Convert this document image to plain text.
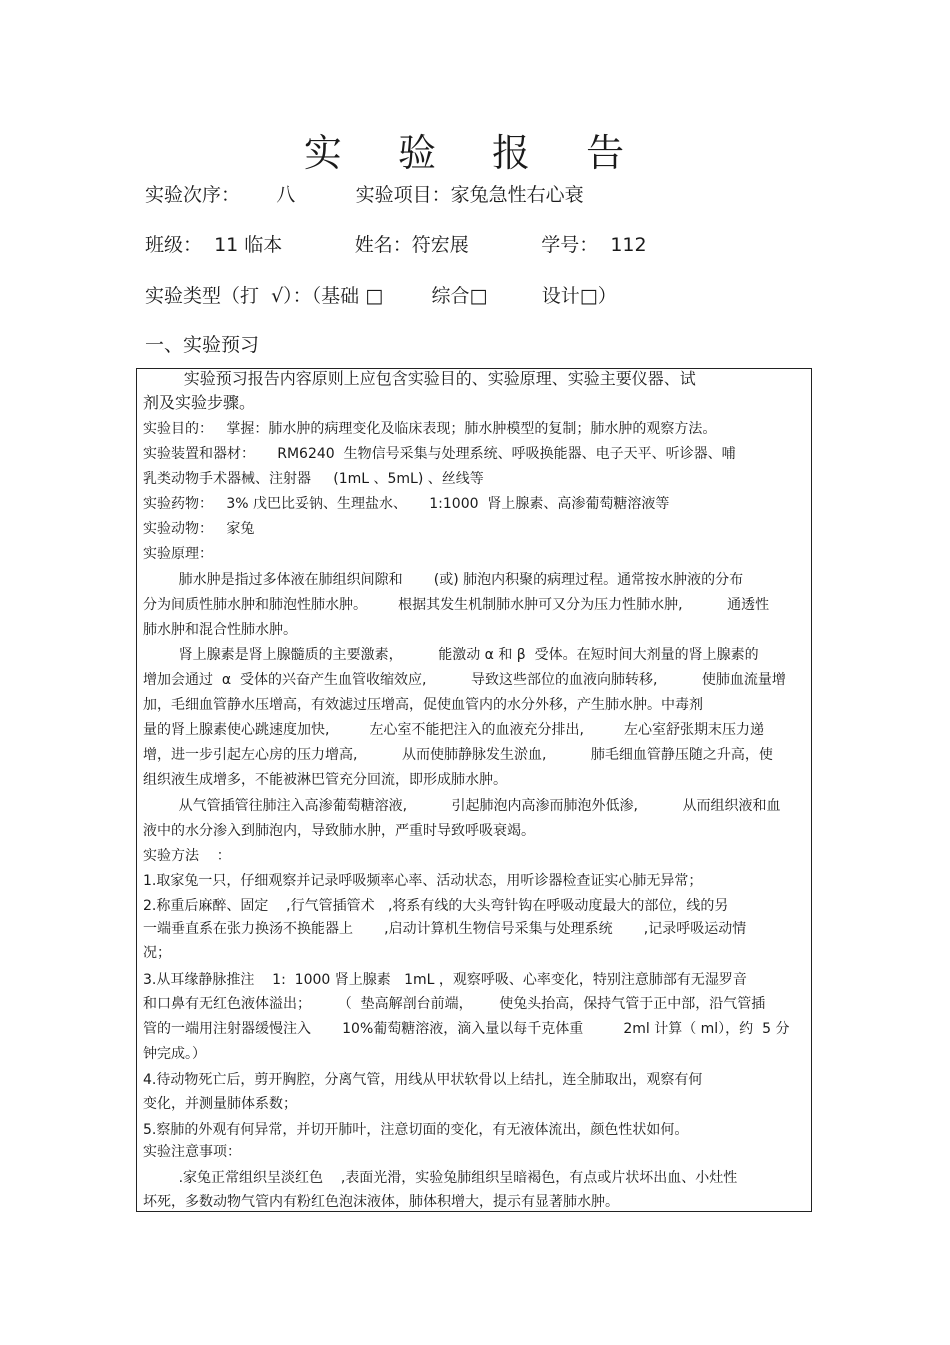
实 验 报 告
实验次序：      八          实验项目：家兔急性右心衰
班级：  11 临本            姓名：符宏展            学号：  112
实验类型（打  √）：（基础 □        综合□         设计□）
一、实验预习
实验预习报告内容原则上应包含实验目的、实验原理、实验主要仪器、试
剂及实验步骤。
实验目的：   掌握：肺水肿的病理变化及临床表现；肺水肿模型的复制；肺水肿的观察方法。
实验装置和器材：     RM6240  生物信号采集与处理系统、呼吸换能器、电子天平、听诊器、哺
乳类动物手术器械、注射器     (1mL 、5mL) 、丝线等
实验药物：   3% 戊巴比妥钠、生理盐水、     1:1000  肾上腺素、高渗葡萄糖溶液等
实验动物：   家兔
实验原理：
肺水肿是指过多体液在肺组织间隙和       (或) 肺泡内积聚的病理过程。通常按水肿液的分布
分为间质性肺水肿和肺泡性肺水肿。       根据其发生机制肺水肿可又分为压力性肺水肿,          通透性
肺水肿和混合性肺水肿。
肾上腺素是肾上腺髓质的主要激素，        能激动 α 和 β  受体。在短时间大剂量的肾上腺素的
增加会通过  α  受体的兴奋产生血管收缩效应,          导致这些部位的血液向肺转移,          使肺血流量增
加，毛细血管静水压增高，有效滤过压增高，促使血管内的水分外移，产生肺水肿。中毒剂
量的肾上腺素使心跳速度加快,         左心室不能把注入的血液充分排出,         左心室舒张期末压力递
增，进一步引起左心房的压力增高,          从而使肺静脉发生淤血,          肺毛细血管静压随之升高，使
组织液生成增多，不能被淋巴管充分回流，即形成肺水肿。
从气管插管往肺注入高渗葡萄糖溶液,          引起肺泡内高渗而肺泡外低渗,          从而组织液和血
液中的水分渗入到肺泡内，导致肺水肿，严重时导致呼吸衰竭。
实验方法    ：
1.取家兔一只，仔细观察并记录呼吸频率心率、活动状态，用听诊器检查证实心肺无异常；
2.称重后麻醉、固定    ,行气管插管术   ,将系有线的大头弯针钩在呼吸动度最大的部位，线的另
一端垂直系在张力换汤不换能器上       ,启动计算机生物信号采集与处理系统       ,记录呼吸运动情
况；
3.从耳缘静脉推注    1:  1000 肾上腺素   1mL ，观察呼吸、心率变化，特别注意肺部有无湿罗音
和口鼻有无红色液体溢出；      （  垫高解剖台前端，      使兔头抬高，保持气管于正中部，沿气管插
管的一端用注射器缓慢注入       10%葡萄糖溶液，滴入量以每千克体重         2ml 计算（ ml），约  5 分
钟完成。）
4.待动物死亡后，剪开胸腔，分离气管，用线从甲状软骨以上结扎，连全肺取出，观察有何
变化，并测量肺体系数；
5.察肺的外观有何异常，并切开肺叶，注意切面的变化，有无液体流出，颜色性状如何。
实验注意事项：
.家兔正常组织呈淡红色    ,表面光滑，实验兔肺组织呈暗褐色，有点或片状坏出血、小灶性
坏死，多数动物气管内有粉红色泡沫液体，肺体积增大，提示有显著肺水肿。
